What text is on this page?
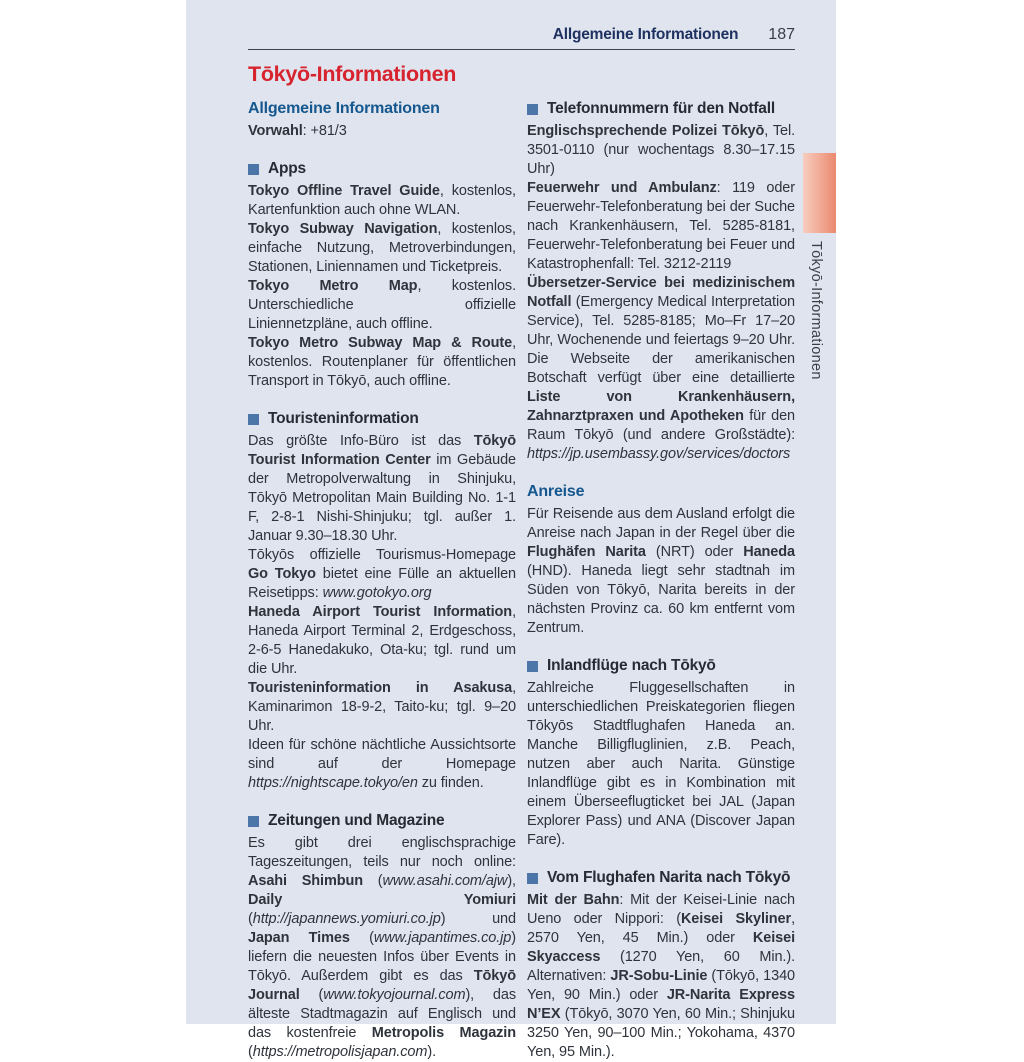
Allgemeine Informationen 187
Tōkyō-Informationen
Allgemeine Informationen

Vorwahl: +81/3

Apps

Tokyo Offline Travel Guide, kostenlos, Kartenfunktion auch ohne WLAN.

Tokyo Subway Navigation, kostenlos, einfache Nutzung, Metroverbindungen, Stationen, Liniennamen und Ticketpreis.

Tokyo Metro Map, kostenlos. Unterschiedliche offizielle Liniennetzpläne, auch offline.

Tokyo Metro Subway Map & Route, kostenlos. Routenplaner für öffentlichen Transport in Tōkyō, auch offline.

Touristeninformation

Das größte Info-Büro ist das Tōkyō Tourist Information Center im Gebäude der Metropolverwaltung in Shinjuku, Tōkyō Metropolitan Main Building No. 1-1 F, 2-8-1 Nishi-Shinjuku; tgl. außer 1. Januar 9.30–18.30 Uhr.

Tōkyōs offizielle Tourismus-Homepage Go Tokyo bietet eine Fülle an aktuellen Reisetipps: www.gotokyo.org

Haneda Airport Tourist Information, Haneda Airport Terminal 2, Erdgeschoss, 2-6-5 Hanedakuko, Ota-ku; tgl. rund um die Uhr.

Touristeninformation in Asakusa, Kaminarimon 18-9-2, Taito-ku; tgl. 9–20 Uhr.

Ideen für schöne nächtliche Aussichtsorte sind auf der Homepage https://nightscape.tokyo/en zu finden.

Zeitungen und Magazine

Es gibt drei englischsprachige Tageszeitungen, teils nur noch online: Asahi Shimbun (www.asahi.com/ajw), Daily Yomiuri (http://japannews.yomiuri.co.jp) und Japan Times (www.japantimes.co.jp) liefern die neuesten Infos über Events in Tōkyō. Außerdem gibt es das Tōkyō Journal (www.tokyojournal.com), das älteste Stadtmagazin auf Englisch und das kostenfreie Metropolis Magazin (https://metropolisjapan.com).

Telefonnummern für den Notfall

Englischsprechende Polizei Tōkyō, Tel. 3501-0110 (nur wochentags 8.30–17.15 Uhr)

Feuerwehr und Ambulanz: 119 oder Feuerwehr-Telefonberatung bei der Suche nach Krankenhäusern, Tel. 5285-8181, Feuerwehr-Telefonberatung bei Feuer und Katastrophenfall: Tel. 3212-2119

Übersetzer-Service bei medizinischem Notfall (Emergency Medical Interpretation Service), Tel. 5285-8185; Mo–Fr 17–20 Uhr, Wochenende und feiertags 9–20 Uhr. Die Webseite der amerikanischen Botschaft verfügt über eine detaillierte Liste von Krankenhäusern, Zahnarztpraxen und Apotheken für den Raum Tōkyō (und andere Großstädte): https://jp.usembassy.gov/services/doctors

Anreise

Für Reisende aus dem Ausland erfolgt die Anreise nach Japan in der Regel über die Flughäfen Narita (NRT) oder Haneda (HND). Haneda liegt sehr stadtnah im Süden von Tōkyō, Narita bereits in der nächsten Provinz ca. 60 km entfernt vom Zentrum.

Inlandflüge nach Tōkyō

Zahlreiche Fluggesellschaften in unterschiedlichen Preiskategorien fliegen Tōkyōs Stadtflughafen Haneda an. Manche Billigfluglinien, z.B. Peach, nutzen aber auch Narita. Günstige Inlandflüge gibt es in Kombination mit einem Überseeflugticket bei JAL (Japan Explorer Pass) und ANA (Discover Japan Fare).

Vom Flughafen Narita nach Tōkyō

Mit der Bahn: Mit der Keisei-Linie nach Ueno oder Nippori: (Keisei Skyliner, 2570 Yen, 45 Min.) oder Keisei Skyaccess (1270 Yen, 60 Min.). Alternativen: JR-Sobu-Linie (Tōkyō, 1340 Yen, 90 Min.) oder JR-Narita Express N’EX (Tōkyō, 3070 Yen, 60 Min.; Shinjuku 3250 Yen, 90–100 Min.; Yokohama, 4370 Yen, 95 Min.).

Tōkyō-Informationen
